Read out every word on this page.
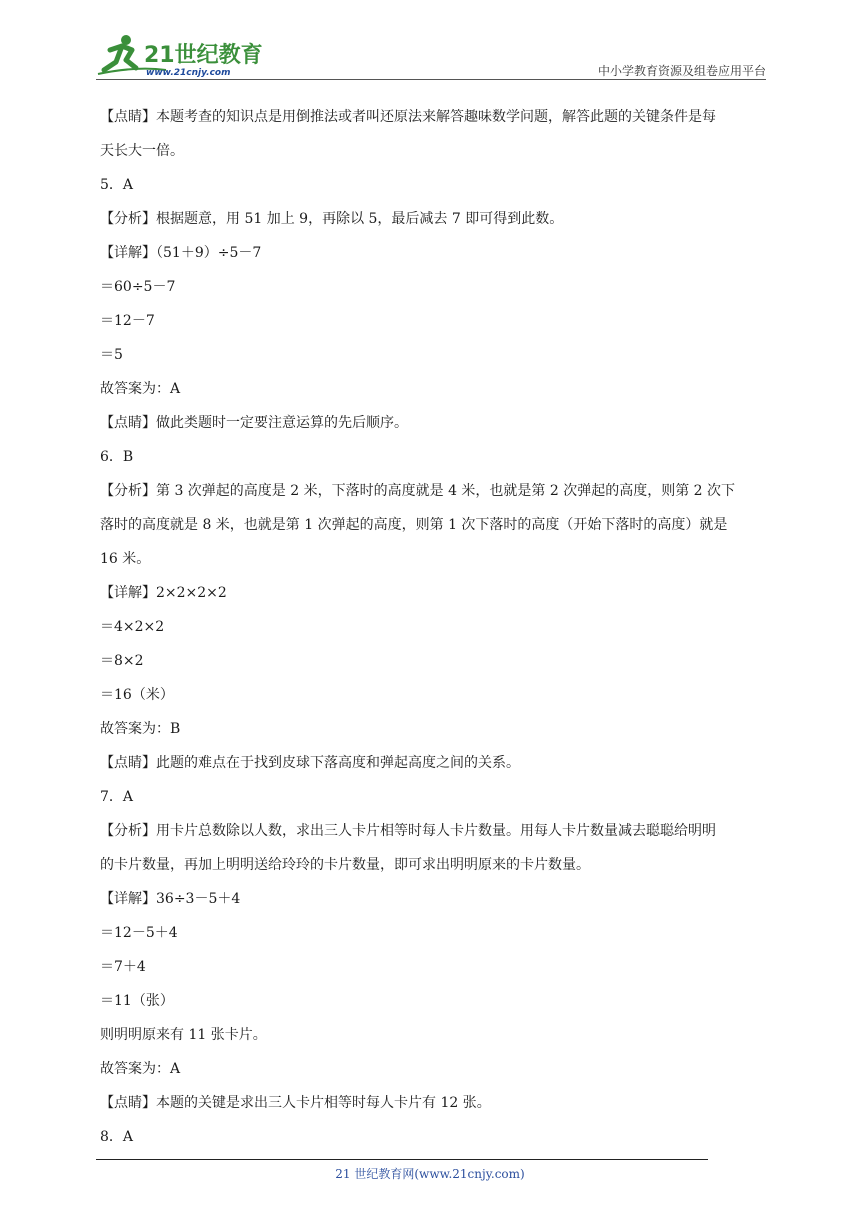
21世纪教育
www.21cnjy.com	中小学教育资源及组卷应用平台
【点睛】本题考查的知识点是用倒推法或者叫还原法来解答趣味数学问题，解答此题的关键条件是每
天长大一倍。
5．A
【分析】根据题意，用 51 加上 9，再除以 5，最后减去 7 即可得到此数。
【详解】（51＋9）÷5－7
＝60÷5－7
＝12－7
＝5
故答案为：A
【点睛】做此类题时一定要注意运算的先后顺序。
6．B
【分析】第 3 次弹起的高度是 2 米，下落时的高度就是 4 米，也就是第 2 次弹起的高度，则第 2 次下
落时的高度就是 8 米，也就是第 1 次弹起的高度，则第 1 次下落时的高度（开始下落时的高度）就是
16 米。
【详解】2×2×2×2
＝4×2×2
＝8×2
＝16（米）
故答案为：B
【点睛】此题的难点在于找到皮球下落高度和弹起高度之间的关系。
7．A
【分析】用卡片总数除以人数，求出三人卡片相等时每人卡片数量。用每人卡片数量减去聪聪给明明
的卡片数量，再加上明明送给玲玲的卡片数量，即可求出明明原来的卡片数量。
【详解】36÷3－5＋4
＝12－5＋4
＝7＋4
＝11（张）
则明明原来有 11 张卡片。
故答案为：A
【点睛】本题的关键是求出三人卡片相等时每人卡片有 12 张。
8．A
21 世纪教育网(www.21cnjy.com)
